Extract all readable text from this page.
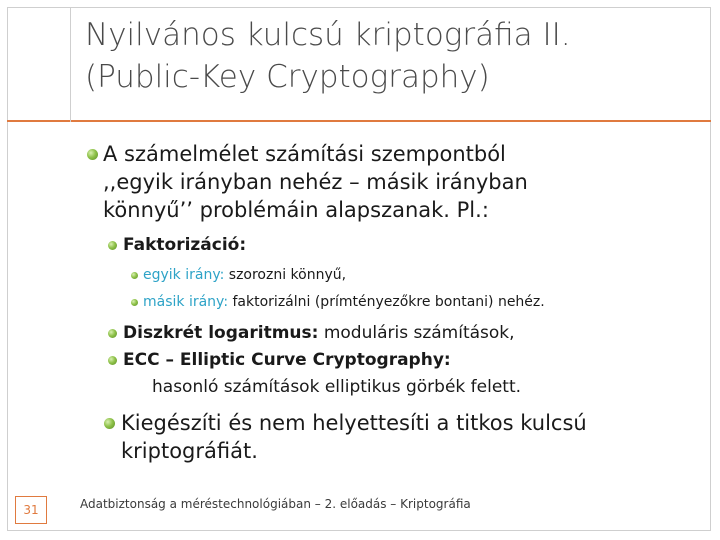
Nyilvános kulcsú kriptográfia II.
(Public-Key Cryptography)
A számelmélet számítási szempontból
,,egyik irányban nehéz – másik irányban
könnyű’’ problémáin alapszanak. Pl.:
Faktorizáció:
egyik irány: szorozni könnyű,
másik irány: faktorizálni (prímtényezőkre bontani) nehéz.
Diszkrét logaritmus: moduláris számítások,
ECC – Elliptic Curve Cryptography:
hasonló számítások elliptikus görbék felett.
Kiegészíti és nem helyettesíti a titkos kulcsú
kriptográfiát.
31	Adatbiztonság a méréstechnológiában – 2. előadás – Kriptográfia
